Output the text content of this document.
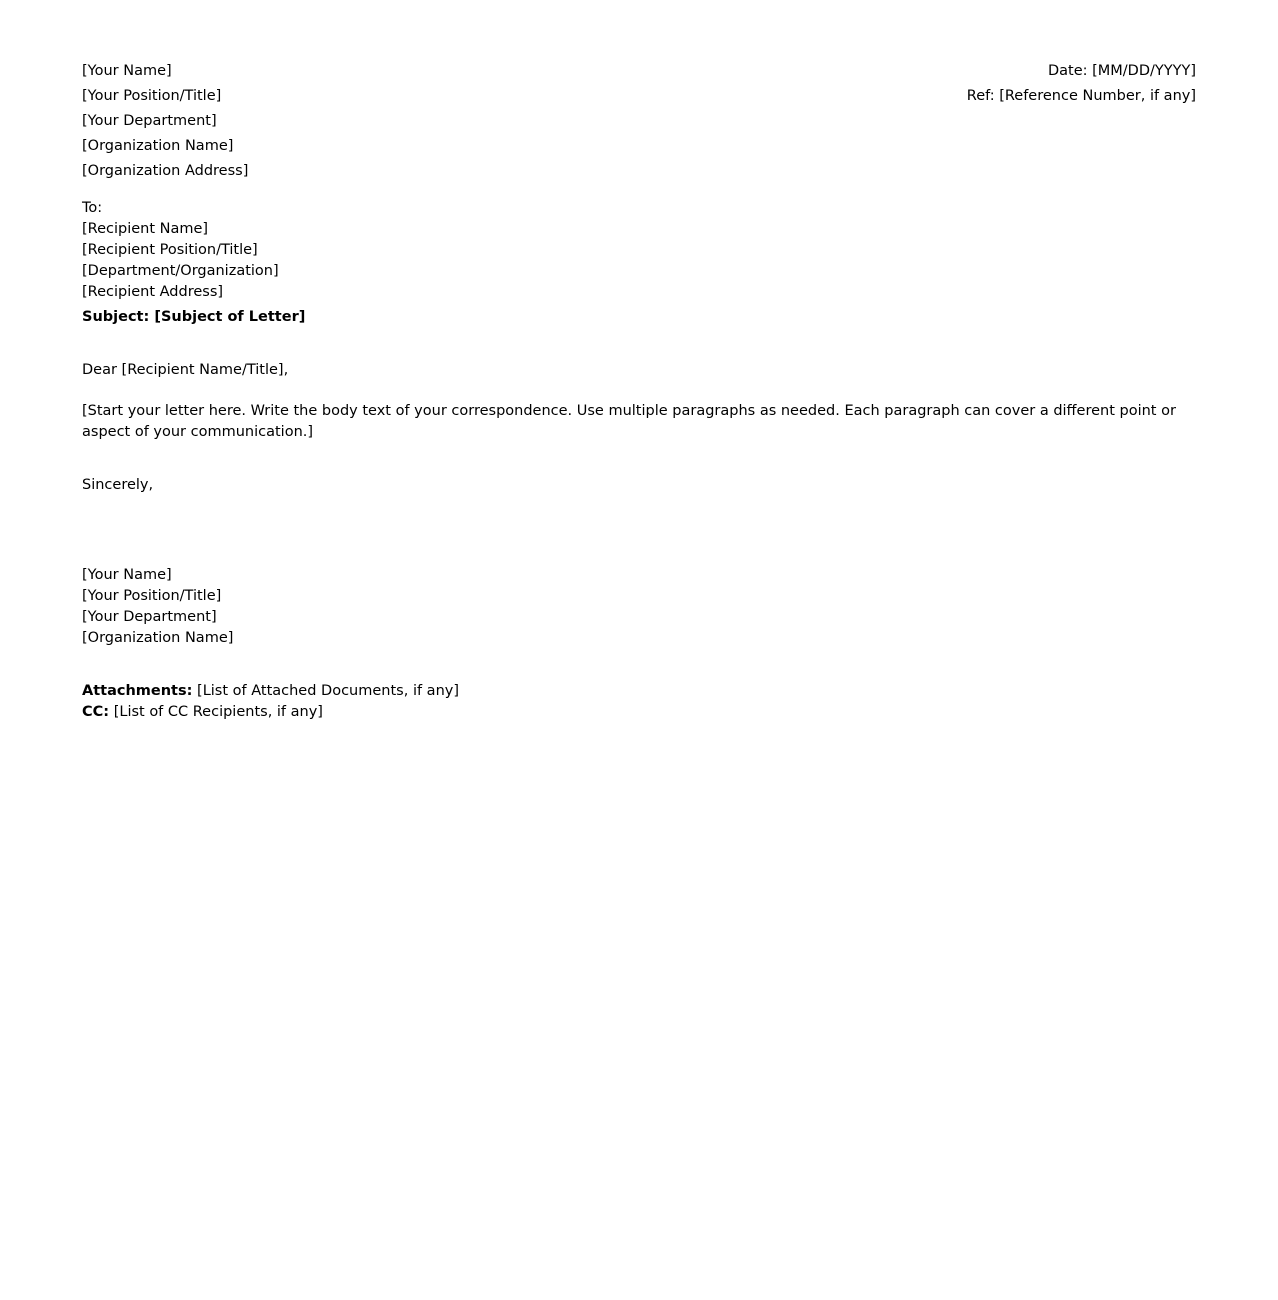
[Your Name]
[Your Position/Title]
[Your Department]
[Organization Name]
[Organization Address]
Date: [MM/DD/YYYY]
Ref: [Reference Number, if any]
To:
[Recipient Name]
[Recipient Position/Title]
[Department/Organization]
[Recipient Address]
Subject: [Subject of Letter]
Dear [Recipient Name/Title],
[Start your letter here. Write the body text of your correspondence. Use multiple paragraphs as needed. Each paragraph can cover a different point or aspect of your communication.]
Sincerely,
[Your Name]
[Your Position/Title]
[Your Department]
[Organization Name]
Attachments: [List of Attached Documents, if any]
CC: [List of CC Recipients, if any]
